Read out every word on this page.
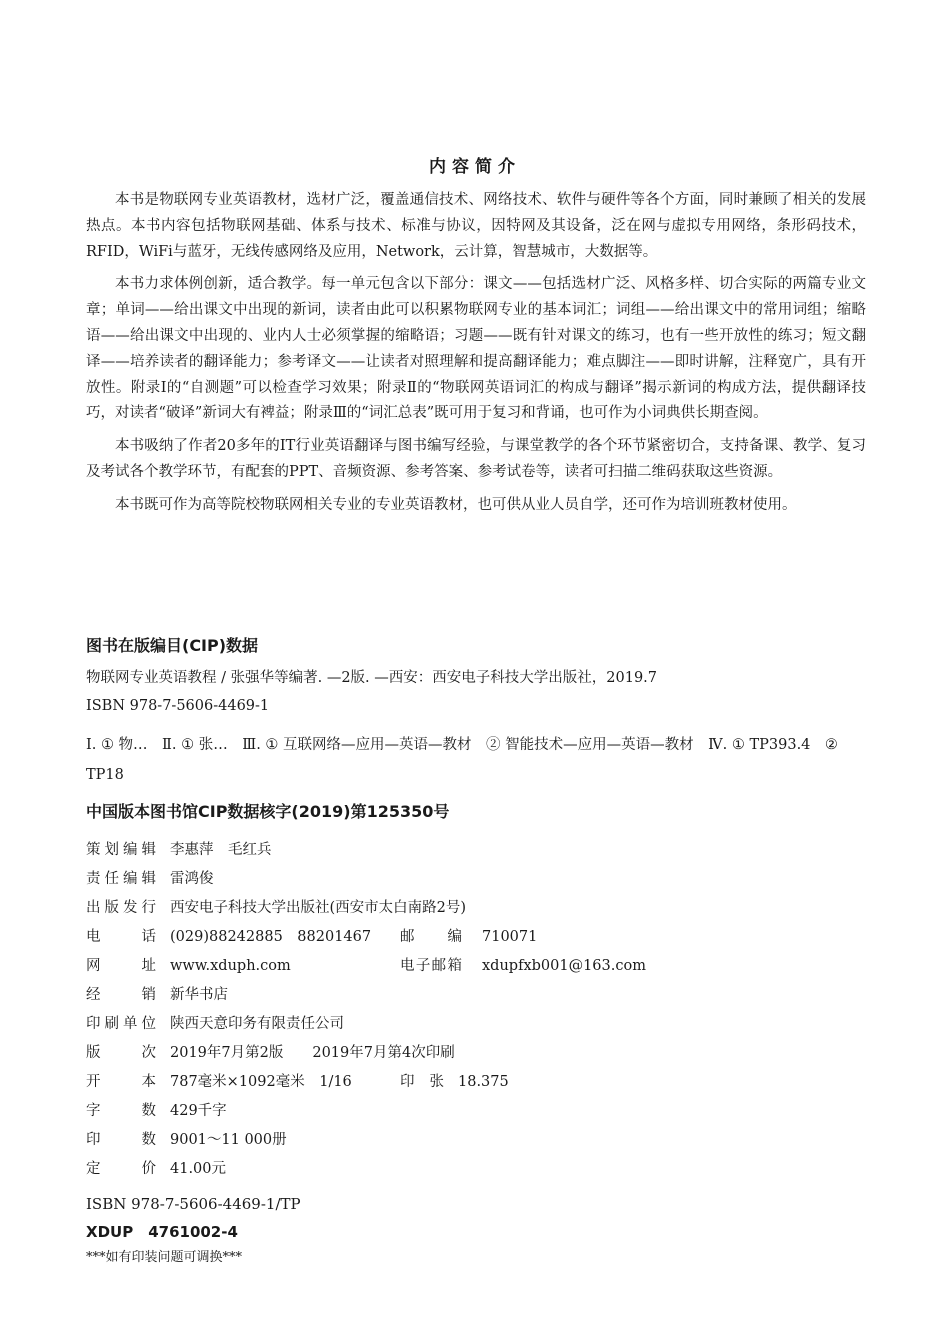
内容简介

本书是物联网专业英语教材，选材广泛，覆盖通信技术、网络技术、软件与硬件等各个方面，同时兼顾了相关的发展热点。本书内容包括物联网基础、体系与技术、标准与协议，因特网及其设备，泛在网与虚拟专用网络，条形码技术，RFID，WiFi与蓝牙，无线传感网络及应用，Network，云计算，智慧城市，大数据等。

本书力求体例创新，适合教学。每一单元包含以下部分：课文——包括选材广泛、风格多样、切合实际的两篇专业文章；单词——给出课文中出现的新词，读者由此可以积累物联网专业的基本词汇；词组——给出课文中的常用词组；缩略语——给出课文中出现的、业内人士必须掌握的缩略语；习题——既有针对课文的练习，也有一些开放性的练习；短文翻译——培养读者的翻译能力；参考译文——让读者对照理解和提高翻译能力；难点脚注——即时讲解，注释宽广，具有开放性。附录Ⅰ的“自测题”可以检查学习效果；附录Ⅱ的“物联网英语词汇的构成与翻译”揭示新词的构成方法，提供翻译技巧，对读者“破译”新词大有裨益；附录Ⅲ的“词汇总表”既可用于复习和背诵，也可作为小词典供长期查阅。

本书吸纳了作者20多年的IT行业英语翻译与图书编写经验，与课堂教学的各个环节紧密切合，支持备课、教学、复习及考试各个教学环节，有配套的PPT、音频资源、参考答案、参考试卷等，读者可扫描二维码获取这些资源。

本书既可作为高等院校物联网相关专业的专业英语教材，也可供从业人员自学，还可作为培训班教材使用。

图书在版编目(CIP)数据
物联网专业英语教程 / 张强华等编著. —2版. —西安：西安电子科技大学出版社，2019.7
ISBN 978-7-5606-4469-1
Ⅰ. ① 物…　Ⅱ. ① 张…　Ⅲ. ① 互联网络—应用—英语—教材　② 智能技术—应用—英语—教材　Ⅳ. ① TP393.4　② TP18
中国版本图书馆CIP数据核字(2019)第125350号
策划编辑 李惠萍　毛红兵
责任编辑 雷鸿俊
出版发行 西安电子科技大学出版社(西安市太白南路2号)
电话 (029)88242885　88201467	邮编 710071
网址 www.xduph.com	电子邮箱 xdupfxb001@163.com
经销 新华书店
印刷单位 陕西天意印务有限责任公司
版次 2019年7月第2版　　2019年7月第4次印刷
开本 787毫米×1092毫米　1/16	印张 18.375
字数 429千字
印数 9001～11 000册
定价 41.00元
ISBN 978-7-5606-4469-1/TP
XDUP　4761002-4
***如有印装问题可调换***
